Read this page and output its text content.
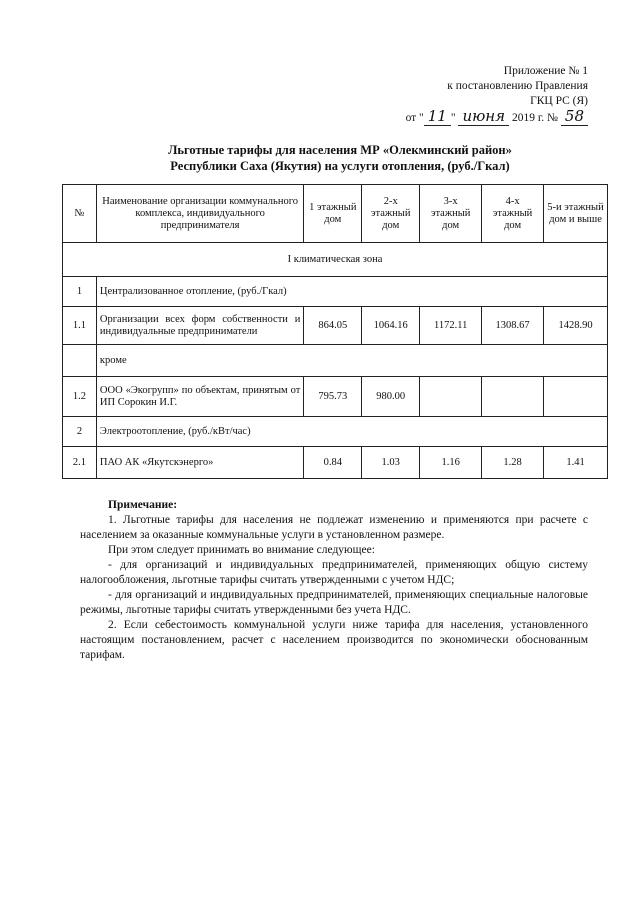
Приложение № 1
к постановлению Правления
ГКЦ РС (Я)
от " 11 " июня 2019 г. № 58
Льготные тарифы для населения МР «Олекминский район»
Республики Саха (Якутия) на услуги отопления, (руб./Гкал)
№	Наименование организации коммунального комплекса, индивидуального предпринимателя	1 этажный дом	2-х этажный дом	3-х этажный дом	4-х этажный дом	5-и этажный дом и выше
I климатическая зона						
1	Централизованное отопление, (руб./Гкал)					
1.1	Организации всех форм собственности и индивидуальные предприниматели	864.05	1064.16	1172.11	1308.67	1428.90
	кроме					
1.2	ООО «Экогрупп» по объектам, принятым от ИП Сорокин И.Г.	795.73	980.00			
2	Электроотопление, (руб./кВт/час)					
2.1	ПАО АК «Якутскэнерго»	0.84	1.03	1.16	1.28	1.41

Примечание:

1. Льготные тарифы для населения не подлежат изменению и применяются при расчете с населением за оказанные коммунальные услуги в установленном размере.

При этом следует принимать во внимание следующее:

- для организаций и индивидуальных предпринимателей, применяющих общую систему налогообложения, льготные тарифы считать утвержденными с учетом НДС;

- для организаций и индивидуальных предпринимателей, применяющих специальные налоговые режимы, льготные тарифы считать утвержденными без учета НДС.

2. Если себестоимость коммунальной услуги ниже тарифа для населения, установленного настоящим постановлением, расчет с населением производится по экономически обоснованным тарифам.
